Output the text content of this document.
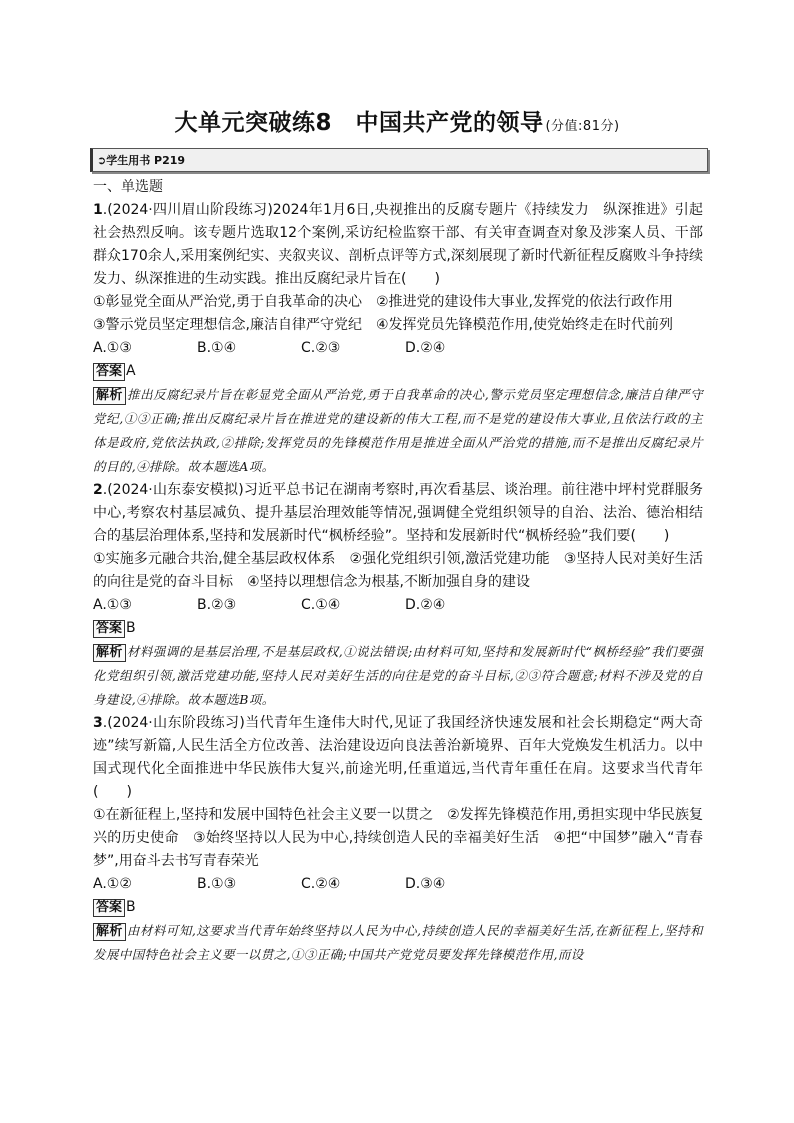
大单元突破练8　中国共产党的领导 (分值:81分)
➲学生用书 P219

一、单选题

1.(2024·四川眉山阶段练习)2024年1月6日,央视推出的反腐专题片《持续发力　纵深推进》引起社会热烈反响。该专题片选取12个案例,采访纪检监察干部、有关审查调查对象及涉案人员、干部群众170余人,采用案例纪实、夹叙夹议、剖析点评等方式,深刻展现了新时代新征程反腐败斗争持续发力、纵深推进的生动实践。推出反腐纪录片旨在(　　)

①彰显党全面从严治党,勇于自我革命的决心　②推进党的建设伟大事业,发挥党的依法行政作用

③警示党员坚定理想信念,廉洁自律严守党纪　④发挥党员先锋模范作用,使党始终走在时代前列

A.①③	B.①④	C.②③	D.②④

答案 A

解析 推出反腐纪录片旨在彰显党全面从严治党,勇于自我革命的决心,警示党员坚定理想信念,廉洁自律严守党纪,①③正确;推出反腐纪录片旨在推进党的建设新的伟大工程,而不是党的建设伟大事业,且依法行政的主体是政府,党依法执政,②排除;发挥党员的先锋模范作用是推进全面从严治党的措施,而不是推出反腐纪录片的目的,④排除。故本题选A项。

2.(2024·山东泰安模拟)习近平总书记在湖南考察时,再次看基层、谈治理。前往港中坪村党群服务中心,考察农村基层减负、提升基层治理效能等情况,强调健全党组织领导的自治、法治、德治相结合的基层治理体系,坚持和发展新时代“枫桥经验”。坚持和发展新时代“枫桥经验”我们要(　　)

①实施多元融合共治,健全基层政权体系　②强化党组织引领,激活党建功能　③坚持人民对美好生活的向往是党的奋斗目标　④坚持以理想信念为根基,不断加强自身的建设

A.①③	B.②③	C.①④	D.②④

答案 B

解析 材料强调的是基层治理,不是基层政权,①说法错误;由材料可知,坚持和发展新时代“枫桥经验”我们要强化党组织引领,激活党建功能,坚持人民对美好生活的向往是党的奋斗目标,②③符合题意;材料不涉及党的自身建设,④排除。故本题选B项。

3.(2024·山东阶段练习)当代青年生逢伟大时代,见证了我国经济快速发展和社会长期稳定“两大奇迹”续写新篇,人民生活全方位改善、法治建设迈向良法善治新境界、百年大党焕发生机活力。以中国式现代化全面推进中华民族伟大复兴,前途光明,任重道远,当代青年重任在肩。这要求当代青年(　　)

①在新征程上,坚持和发展中国特色社会主义要一以贯之　②发挥先锋模范作用,勇担实现中华民族复兴的历史使命　③始终坚持以人民为中心,持续创造人民的幸福美好生活　④把“中国梦”融入“青春梦”,用奋斗去书写青春荣光

A.①②	B.①③	C.②④	D.③④

答案 B

解析 由材料可知,这要求当代青年始终坚持以人民为中心,持续创造人民的幸福美好生活,在新征程上,坚持和发展中国特色社会主义要一以贯之,①③正确;中国共产党党员要发挥先锋模范作用,而设
